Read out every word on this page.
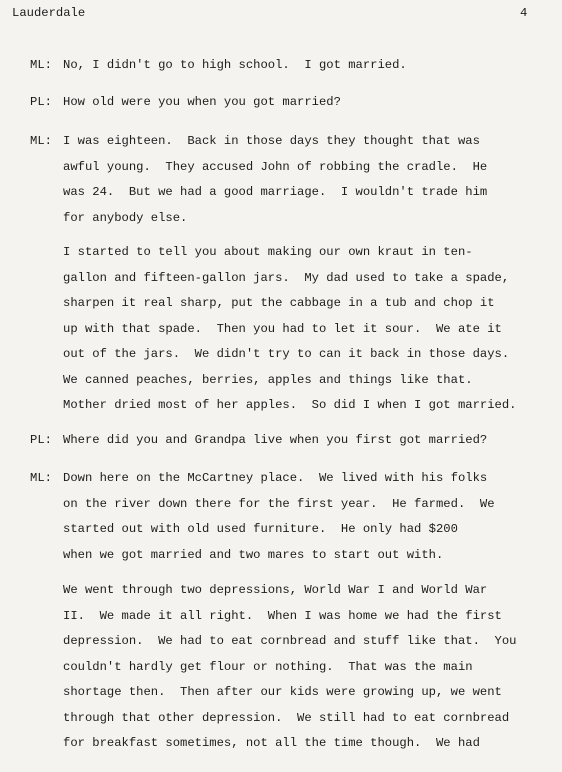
Lauderdale	4
ML: No, I didn't go to high school.  I got married.
PL: How old were you when you got married?
ML: I was eighteen.  Back in those days they thought that was
awful young.  They accused John of robbing the cradle.  He
was 24.  But we had a good marriage.  I wouldn't trade him
for anybody else.
I started to tell you about making our own kraut in ten-
gallon and fifteen-gallon jars.  My dad used to take a spade,
sharpen it real sharp, put the cabbage in a tub and chop it
up with that spade.  Then you had to let it sour.  We ate it
out of the jars.  We didn't try to can it back in those days.
We canned peaches, berries, apples and things like that.
Mother dried most of her apples.  So did I when I got married.
PL: Where did you and Grandpa live when you first got married?
ML: Down here on the McCartney place.  We lived with his folks
on the river down there for the first year.  He farmed.  We
started out with old used furniture.  He only had $200
when we got married and two mares to start out with.
We went through two depressions, World War I and World War
II.  We made it all right.  When I was home we had the first
depression.  We had to eat cornbread and stuff like that.  You
couldn't hardly get flour or nothing.  That was the main
shortage then.  Then after our kids were growing up, we went
through that other depression.  We still had to eat cornbread
for breakfast sometimes, not all the time though.  We had
